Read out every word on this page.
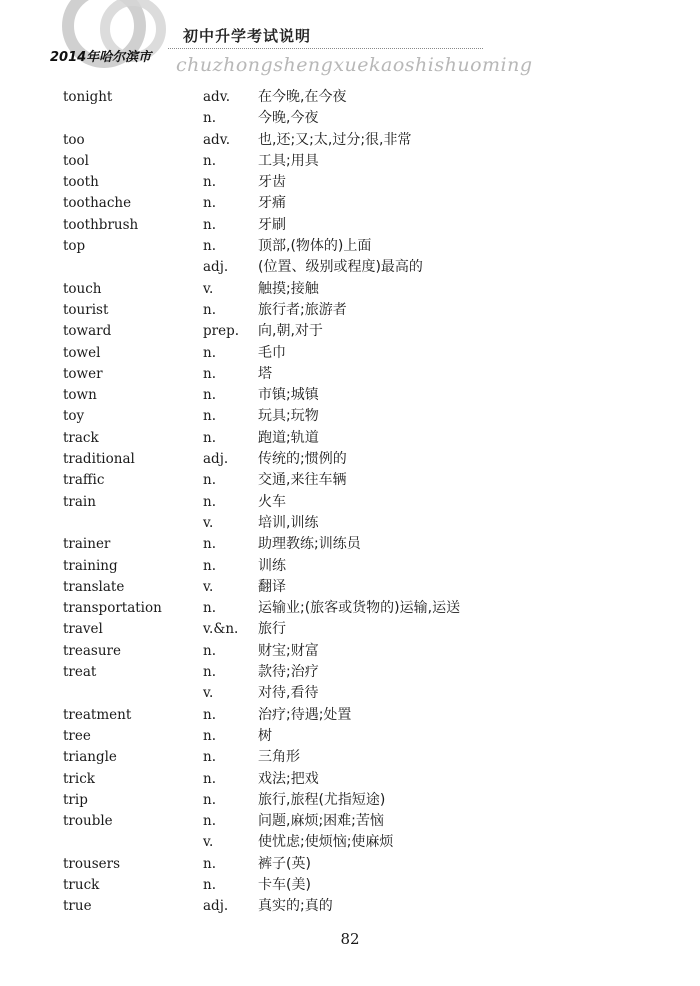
初中升学考试说明
2014年哈尔滨市 chuzhongshengxuekaoshishuoming
tonight	adv. 在今晚,在今夜
n.	今晚,今夜
too	adv. 也,还;又;太,过分;很,非常
tool	n.	工具;用具
tooth	n.	牙齿
toothache	n.	牙痛
toothbrush	n.	牙刷
top	n.	顶部,(物体的)上面
adj. (位置、级别或程度)最高的
touch	v.	触摸;接触
tourist	n.	旅行者;旅游者
toward	prep. 向,朝,对于
towel	n.	毛巾
tower	n.	塔
town	n.	市镇;城镇
toy	n.	玩具;玩物
track	n.	跑道;轨道
traditional	adj. 传统的;惯例的
traffic	n.	交通,来往车辆
train	n.	火车
v.	培训,训练
trainer	n.	助理教练;训练员
training	n.	训练
translate	v.	翻译
transportation	n.	运输业;(旅客或货物的)运输,运送
travel	v.&n. 旅行
treasure	n.	财宝;财富
treat	n.	款待;治疗
v.	对待,看待
treatment	n.	治疗;待遇;处置
tree	n.	树
triangle	n.	三角形
trick	n.	戏法;把戏
trip	n.	旅行,旅程(尤指短途)
trouble	n.	问题,麻烦;困难;苦恼
v.	使忧虑;使烦恼;使麻烦
trousers	n.	裤子(英)
truck	n.	卡车(美)
true	adj. 真实的;真的
82
